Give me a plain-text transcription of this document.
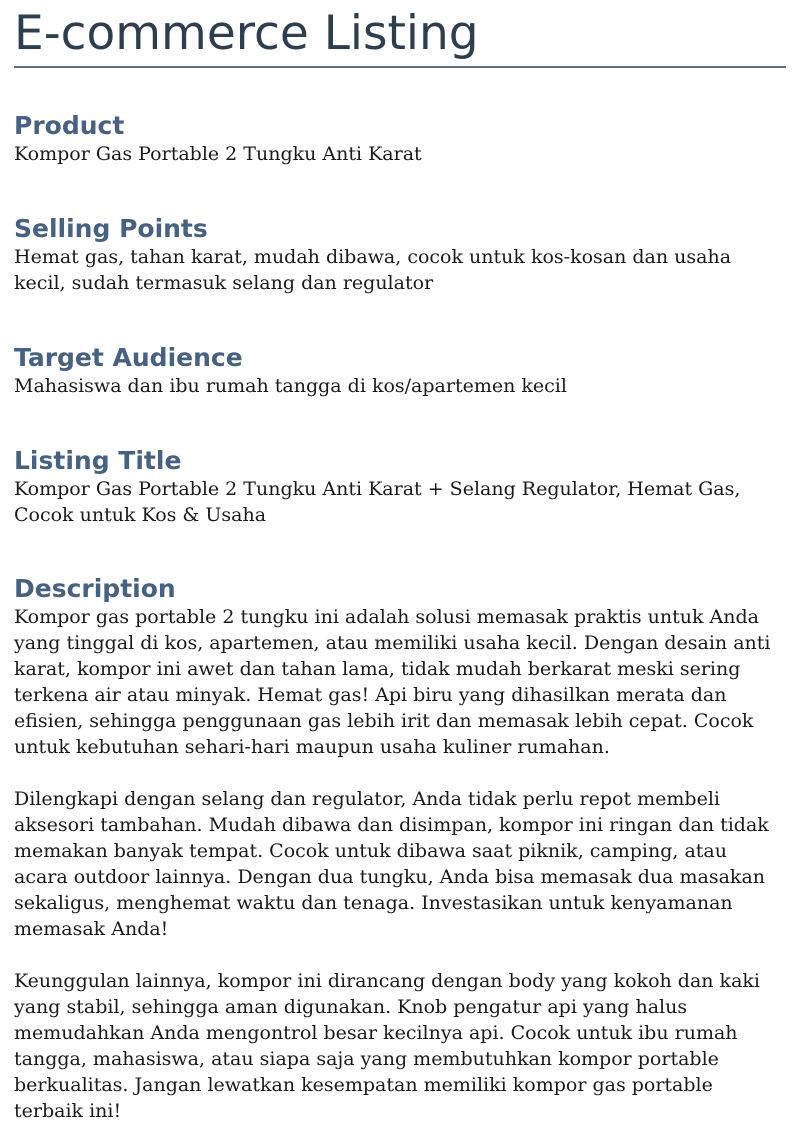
E-commerce Listing
Product

Kompor Gas Portable 2 Tungku Anti Karat

Selling Points

Hemat gas, tahan karat, mudah dibawa, cocok untuk kos-kosan dan usaha kecil, sudah termasuk selang dan regulator

Target Audience

Mahasiswa dan ibu rumah tangga di kos/apartemen kecil

Listing Title

Kompor Gas Portable 2 Tungku Anti Karat + Selang Regulator, Hemat Gas, Cocok untuk Kos & Usaha

Description

Kompor gas portable 2 tungku ini adalah solusi memasak praktis untuk Anda yang tinggal di kos, apartemen, atau memiliki usaha kecil. Dengan desain anti karat, kompor ini awet dan tahan lama, tidak mudah berkarat meski sering terkena air atau minyak. Hemat gas! Api biru yang dihasilkan merata dan efisien, sehingga penggunaan gas lebih irit dan memasak lebih cepat. Cocok untuk kebutuhan sehari-hari maupun usaha kuliner rumahan.

Dilengkapi dengan selang dan regulator, Anda tidak perlu repot membeli aksesori tambahan. Mudah dibawa dan disimpan, kompor ini ringan dan tidak memakan banyak tempat. Cocok untuk dibawa saat piknik, camping, atau acara outdoor lainnya. Dengan dua tungku, Anda bisa memasak dua masakan sekaligus, menghemat waktu dan tenaga. Investasikan untuk kenyamanan memasak Anda!

Keunggulan lainnya, kompor ini dirancang dengan body yang kokoh dan kaki yang stabil, sehingga aman digunakan. Knob pengatur api yang halus memudahkan Anda mengontrol besar kecilnya api. Cocok untuk ibu rumah tangga, mahasiswa, atau siapa saja yang membutuhkan kompor portable berkualitas. Jangan lewatkan kesempatan memiliki kompor gas portable terbaik ini!
